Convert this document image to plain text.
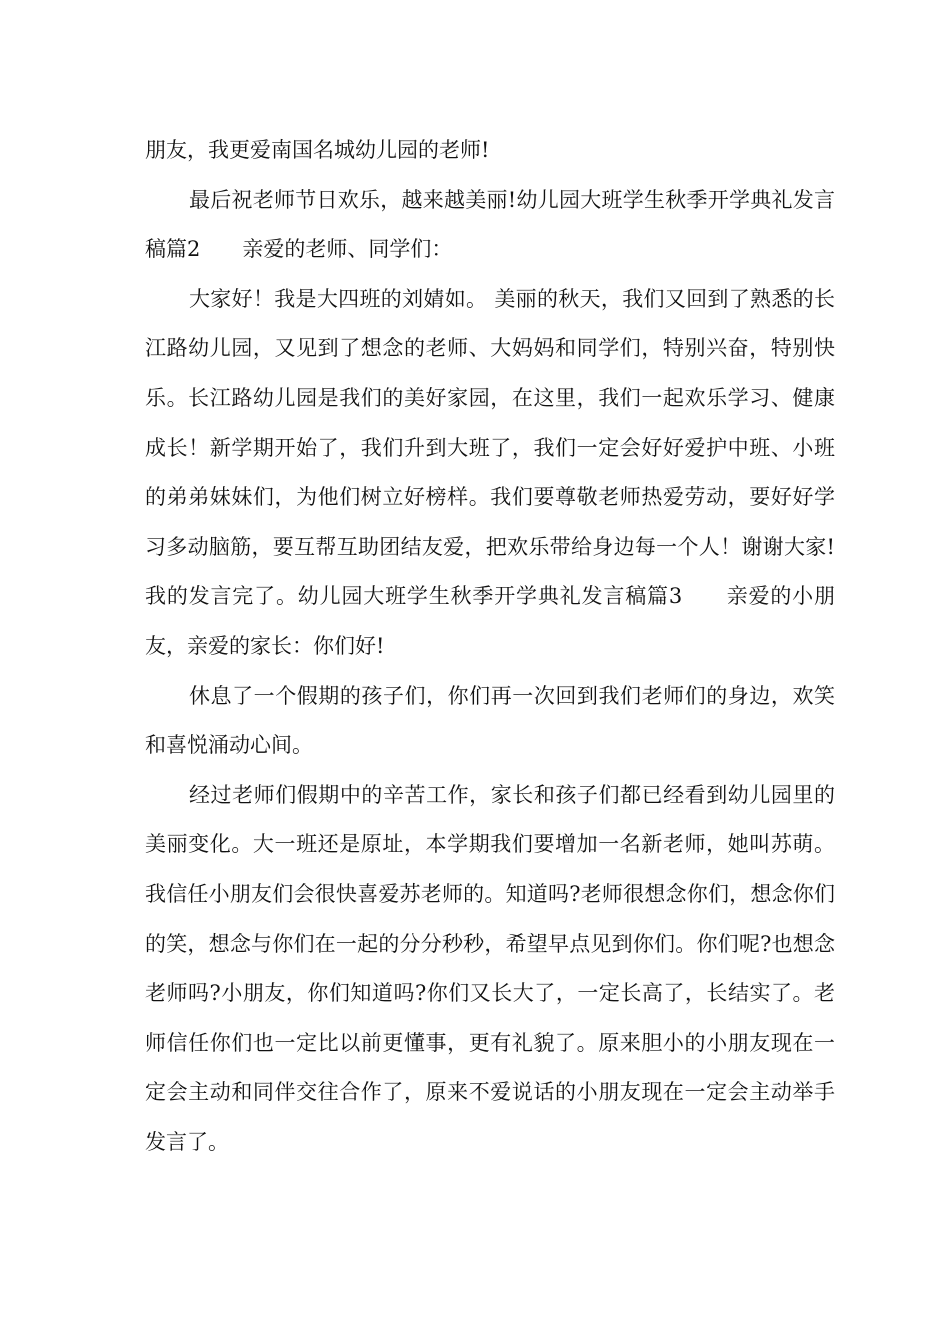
朋友，我更爱南国名城幼儿园的老师!

最后祝老师节日欢乐，越来越美丽!幼儿园大班学生秋季开学典礼发言稿篇2　　亲爱的老师、同学们：

大家好！我是大四班的刘婧如。 美丽的秋天，我们又回到了熟悉的长江路幼儿园，又见到了想念的老师、大妈妈和同学们，特别兴奋，特别快乐。长江路幼儿园是我们的美好家园，在这里，我们一起欢乐学习、健康成长！新学期开始了，我们升到大班了，我们一定会好好爱护中班、小班的弟弟妹妹们，为他们树立好榜样。我们要尊敬老师热爱劳动，要好好学习多动脑筋，要互帮互助团结友爱，把欢乐带给身边每一个人！谢谢大家!我的发言完了。幼儿园大班学生秋季开学典礼发言稿篇3　　亲爱的小朋友，亲爱的家长：你们好!

休息了一个假期的孩子们，你们再一次回到我们老师们的身边，欢笑和喜悦涌动心间。

经过老师们假期中的辛苦工作，家长和孩子们都已经看到幼儿园里的美丽变化。大一班还是原址，本学期我们要增加一名新老师，她叫苏萌。我信任小朋友们会很快喜爱苏老师的。知道吗?老师很想念你们，想念你们的笑，想念与你们在一起的分分秒秒，希望早点见到你们。你们呢?也想念老师吗?小朋友，你们知道吗?你们又长大了，一定长高了，长结实了。老师信任你们也一定比以前更懂事，更有礼貌了。原来胆小的小朋友现在一定会主动和同伴交往合作了，原来不爱说话的小朋友现在一定会主动举手发言了。
